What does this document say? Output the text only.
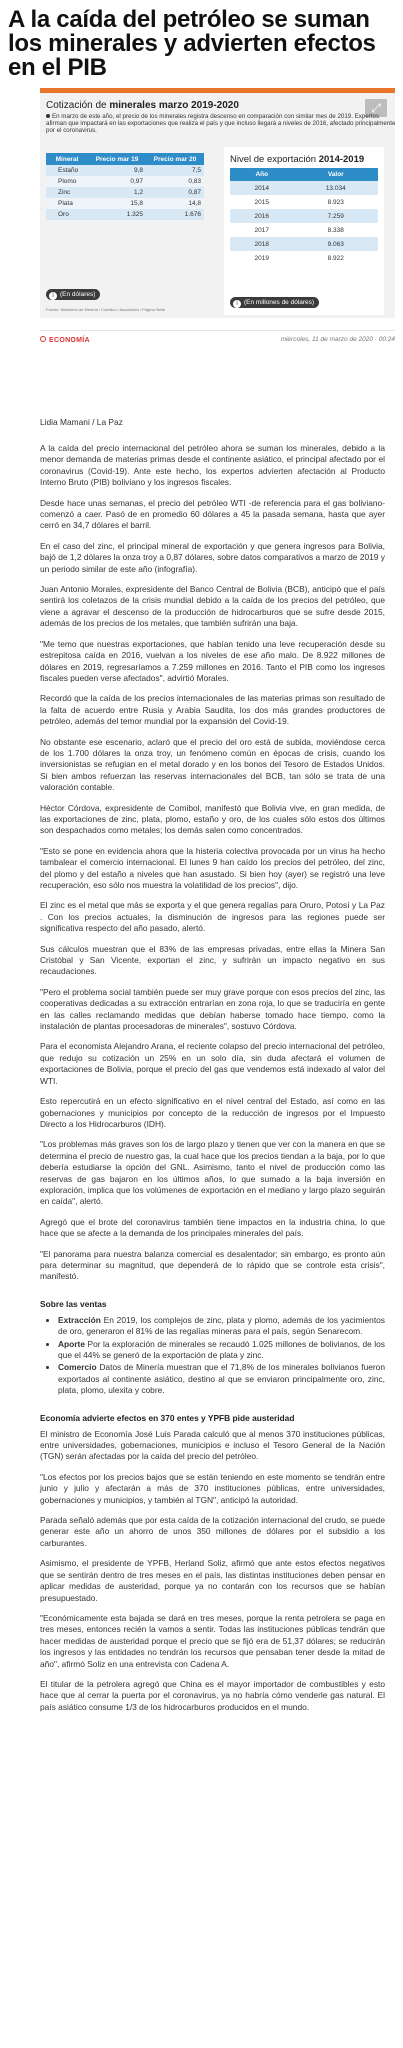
A la caída del petróleo se suman los minerales y advierten efectos en el PIB
Cotización de minerales marzo 2019-2020	⤢
En marzo de este año, el precio de los minerales registra descenso en comparación con similar mes de 2019. Expertos afirman que impactará en las exportaciones que realiza el país y que incluso llegará a niveles de 2016, afectado principalmente por el coronavirus.
Mineral	Precio mar 19	Precio mar 20
Estaño	9,8	7,5
Plomo	0,97	0,83
Zinc	1,2	0,87
Plata	15,8	14,8
Oro	1.325	1.676
i (En dólares)
Fuente: Ministerio de Minería / Cochilco / Asociación / Página Siete
Nivel de exportación 2014-2019
Año	Valor
2014	13.034
2015	8.923
2016	7.259
2017	8.338
2018	9.063
2019	8.922
i (En millones de dólares)
ECONOMÍA	miércoles, 11 de marzo de 2020 · 00:24
Lidia Mamani / La Paz

A la caída del precio internacional del petróleo ahora se suman los minerales, debido a la menor demanda de materias primas desde el continente asiático, el principal afectado por el coronavirus (Covid-19). Ante este hecho, los expertos advierten afectación al Producto Interno Bruto (PIB) boliviano y los ingresos fiscales.

Desde hace unas semanas, el precio del petróleo WTI -de referencia para el gas boliviano- comenzó a caer. Pasó de en promedio 60 dólares a 45 la pasada semana, hasta que ayer cerró en 34,7 dólares el barril.

En el caso del zinc, el principal mineral de exportación y que genera ingresos para Bolivia, bajó de 1,2 dólares la onza troy a 0,87 dólares, sobre datos comparativos a marzo de 2019 y un periodo similar de este año (infografía).

Juan Antonio Morales, expresidente del Banco Central de Bolivia (BCB), anticipó que el país sentirá los coletazos de la crisis mundial debido a la caída de los precios del petróleo, que viene a agravar el descenso de la producción de hidrocarburos que se sufre desde 2015, además de los precios de los metales, que también sufrirán una baja.

"Me temo que nuestras exportaciones, que habían tenido una leve recuperación desde su estrepitosa caída en 2016, vuelvan a los niveles de ese año malo. De 8.922 millones de dólares en 2019, regresaríamos a 7.259 millones en 2016. Tanto el PIB como los ingresos fiscales pueden verse afectados", advirtió Morales.

Recordó que la caída de los precios internacionales de las materias primas son resultado de la falta de acuerdo entre Rusia y Arabia Saudita, los dos más grandes productores de petróleo, además del temor mundial por la expansión del Covid-19.

No obstante ese escenario, aclaró que el precio del oro está de subida, moviéndose cerca de los 1.700 dólares la onza troy, un fenómeno común en épocas de crisis, cuando los inversionistas se refugian en el metal dorado y en los bonos del Tesoro de Estados Unidos. Si bien ambos refuerzan las reservas internacionales del BCB, tan sólo se trata de una valoración contable.

Héctor Córdova, expresidente de Comibol, manifestó que Bolivia vive, en gran medida, de las exportaciones de zinc, plata, plomo, estaño y oro, de los cuales sólo estos dos últimos son despachados como metales; los demás salen como concentrados.

"Esto se pone en evidencia ahora que la histeria colectiva provocada por un virus ha hecho tambalear el comercio internacional. El lunes 9 han caído los precios del petróleo, del zinc, del plomo y del estaño a niveles que han asustado. Si bien hoy (ayer) se registró una leve recuperación, eso sólo nos muestra la volatilidad de los precios", dijo.

El zinc es el metal que más se exporta y el que genera regalías para Oruro, Potosí y La Paz . Con los precios actuales, la disminución de ingresos para las regiones puede ser significativa respecto del año pasado, alertó.

Sus cálculos muestran que el 83% de las empresas privadas, entre ellas la Minera San Cristóbal y San Vicente, exportan el zinc, y sufrirán un impacto negativo en sus recaudaciones.

"Pero el problema social también puede ser muy grave porque con esos precios del zinc, las cooperativas dedicadas a su extracción entrarían en zona roja, lo que se traduciría en gente en las calles reclamando medidas que debían haberse tomado hace tiempo, como la instalación de plantas procesadoras de minerales", sostuvo Córdova.

Para el economista Alejandro Arana, el reciente colapso del precio internacional del petróleo, que redujo su cotización un 25% en un solo día, sin duda afectará el volumen de exportaciones de Bolivia, porque el precio del gas que vendemos está indexado al valor del WTI.

Esto repercutirá en un efecto significativo en el nivel central del Estado, así como en las gobernaciones y municipios por concepto de la reducción de ingresos por el Impuesto Directo a los Hidrocarburos (IDH).

"Los problemas más graves son los de largo plazo y tienen que ver con la manera en que se determina el precio de nuestro gas, la cual hace que los precios tiendan a la baja, por lo que debería estudiarse la opción del GNL. Asimismo, tanto el nivel de producción como las reservas de gas bajaron en los últimos años, lo que sumado a la baja inversión en exploración, implica que los volúmenes de exportación en el mediano y largo plazo seguirán en caída", alertó.

Agregó que el brote del coronavirus también tiene impactos en la industria china, lo que hace que se afecte a la demanda de los principales minerales del país.

"El panorama para nuestra balanza comercial es desalentador; sin embargo, es pronto aún para determinar su magnitud, que dependerá de lo rápido que se controle esta crisis", manifestó.

Sobre las ventas
• Extracción En 2019, los complejos de zinc, plata y plomo, además de los yacimientos de oro, generaron el 81% de las regalías mineras para el país, según Senarecom.
• Aporte Por la exploración de minerales se recaudó 1.025 millones de bolivianos, de los que el 44% se generó de la exportación de plata y zinc.
• Comercio Datos de Minería muestran que el 71,8% de los minerales bolivianos fueron exportados al continente asiático, destino al que se enviaron principalmente oro, zinc, plata, plomo, ulexita y cobre.
Economía advierte efectos en 370 entes y YPFB pide austeridad

El ministro de Economía José Luis Parada calculó que al menos 370 instituciones públicas, entre universidades, gobernaciones, municipios e incluso el Tesoro General de la Nación (TGN) serán afectadas por la caída del precio del petróleo.

"Los efectos por los precios bajos que se están teniendo en este momento se tendrán entre junio y julio y afectarán a más de 370 instituciones públicas, entre universidades, gobernaciones y municipios, y también al TGN", anticipó la autoridad.

Parada señaló además que por esta caída de la cotización internacional del crudo, se puede generar este año un ahorro de unos 350 millones de dólares por el subsidio a los carburantes.

Asimismo, el presidente de YPFB, Herland Soliz, afirmó que ante estos efectos negativos que se sentirán dentro de tres meses en el país, las distintas instituciones deben pensar en aplicar medidas de austeridad, porque ya no contarán con los recursos que se habían presupuestado.

"Económicamente esta bajada se dará en tres meses, porque la renta petrolera se paga en tres meses, entonces recién la vamos a sentir. Todas las instituciones públicas tendrán que hacer medidas de austeridad porque el precio que se fijó era de 51,37 dólares; se reducirán los ingresos y las entidades no tendrán los recursos que pensaban tener desde la mitad de año", afirmó Soliz en una entrevista con Cadena A.

El titular de la petrolera agregó que China es el mayor importador de combustibles y esto hace que al cerrar la puerta por el coronavirus, ya no habría cómo venderle gas natural. El país asiático consume 1/3 de los hidrocarburos producidos en el mundo.
